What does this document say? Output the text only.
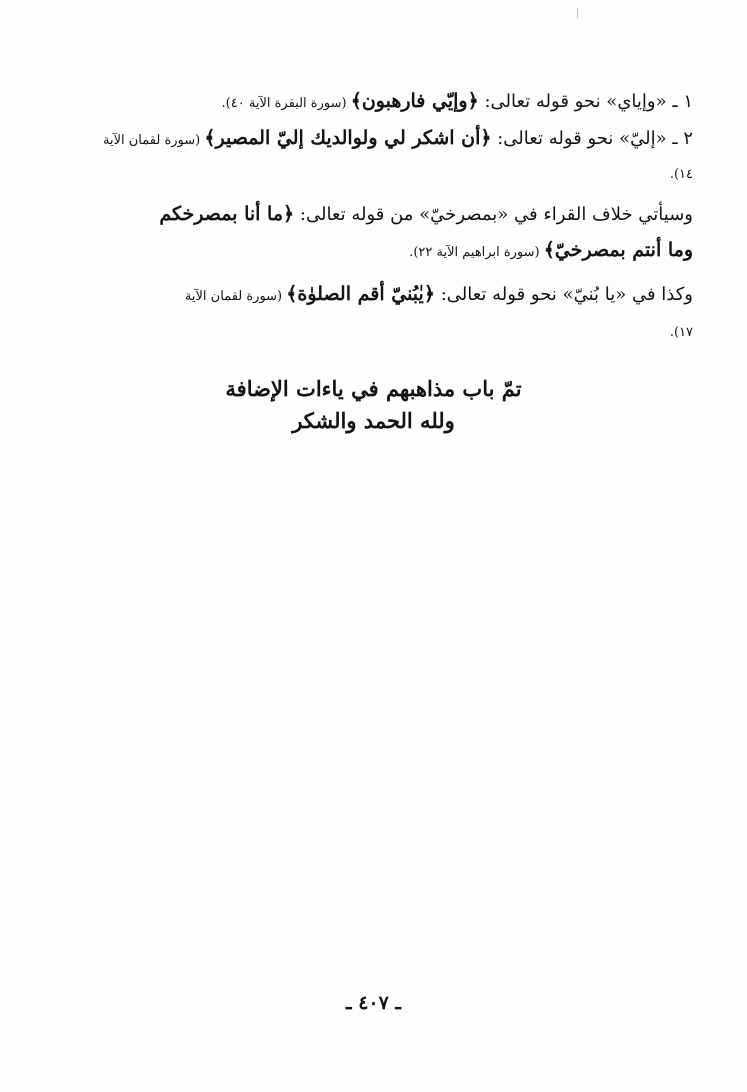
١ ـ «وإياي» نحو قوله تعالى: ﴿وإيّي فارهبون﴾ (سورة البقرة الآية ٤٠).
٢ ـ «إليّ» نحو قوله تعالى: ﴿أن اشكر لي ولوالديك إليّ المصير﴾ (سورة لقمان الآية
١٤).
وسيأتي خلاف القراء في «بمصرخيّ» من قوله تعالى: ﴿ما أنا بمصرخكم
وما أنتم بمصرخيّ﴾ (سورة ابراهيم الآية ٢٢).
وكذا في «يا بُنيّ» نحو قوله تعالى: ﴿يٰبُنيّ أقم الصلوٰة﴾ (سورة لقمان الآية
١٧).
تمّ باب مذاهبهم في ياءات الإضافة
ولله الحمد والشكر
ـ ٤٠٧ ـ
